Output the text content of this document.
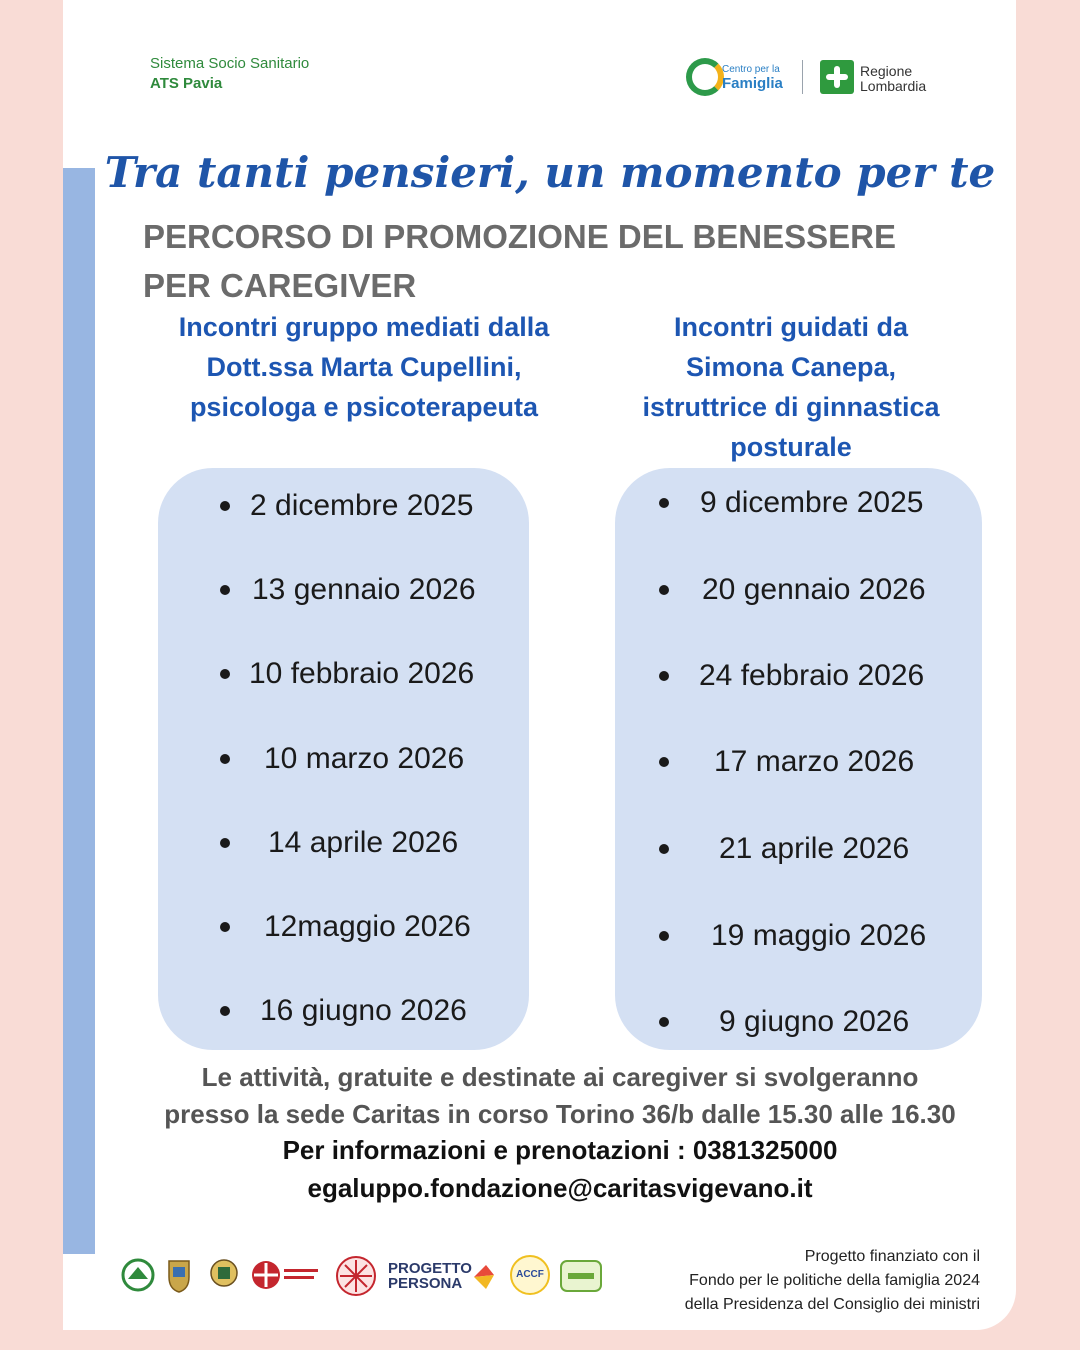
Sistema Socio Sanitario
ATS Pavia
Centro per la
Famiglia
Regione
Lombardia
Tra tanti pensieri, un momento per te
PERCORSO DI PROMOZIONE DEL BENESSERE
PER CAREGIVER
Incontri gruppo mediati dalla
Dott.ssa Marta Cupellini,
psicologa e psicoterapeuta
Incontri guidati da
Simona Canepa,
istruttrice di ginnastica
posturale
2 dicembre 2025
13 gennaio 2026
10 febbraio 2026
10 marzo 2026
14 aprile 2026
12maggio 2026
16 giugno 2026
9 dicembre 2025
20 gennaio 2026
24 febbraio 2026
17 marzo 2026
21 aprile 2026
19 maggio 2026
9 giugno 2026
Le attività, gratuite e destinate ai caregiver si svolgeranno
presso la sede Caritas in corso Torino 36/b dalle 15.30 alle 16.30
Per informazioni e prenotazioni : 0381325000
egaluppo.fondazione@caritasvigevano.it
PROGETTO
PERSONA
ACCF
Progetto finanziato con il
Fondo per le politiche della famiglia 2024
della Presidenza del Consiglio dei ministri
